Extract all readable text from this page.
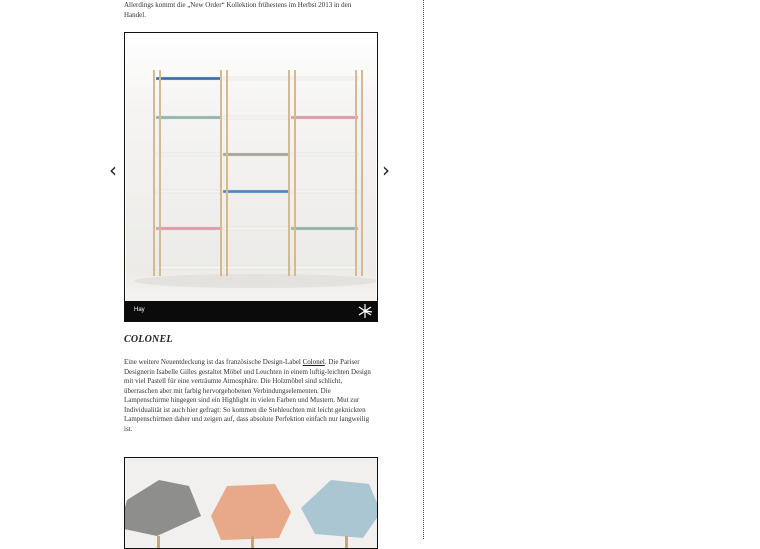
Allerdings kommt die „New Order“ Kollektion frühestens im Herbst 2013 in den Handel.
‹	›
Hay
COLONEL

Eine weitere Neuentdeckung ist das französische Design-Label Colonel. Die Pariser Designerin Isabelle Gilles gestaltet Möbel und Leuchten in einem luftig-leichten Design mit viel Pastell für eine verträumte Atmosphäre. Die Holzmöbel sind schlicht, überraschen aber mit farbig hervorgehobenen Verbindungselementen. Die Lampenschirme hingegen sind ein Highlight in vielen Farben und Mustern. Mut zur Individualität ist auch hier gefragt: So kommen die Stehleuchten mit leicht geknickten Lampenschirmen daher und zeigen auf, dass absolute Perfektion einfach nur langweilig ist.
